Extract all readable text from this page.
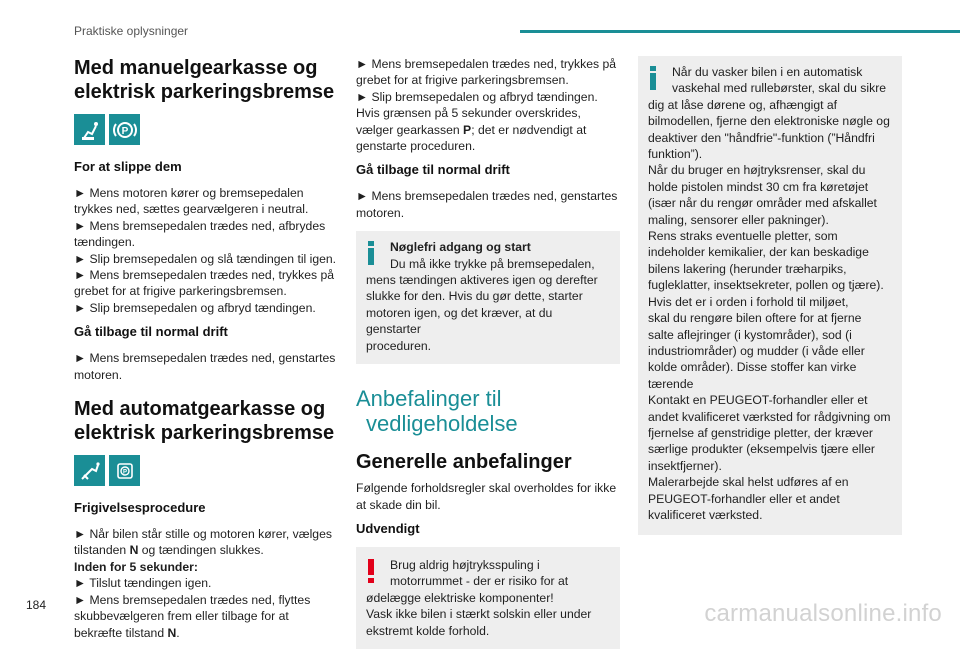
Praktiske oplysninger
Med manuelgearkasse og
elektrisk parkeringsbremse
P
For at slippe dem

► Mens motoren kører og bremsepedalen

trykkes ned, sættes gearvælgeren i neutral.

► Mens bremsepedalen trædes ned, afbrydes

tændingen.

► Slip bremsepedalen og slå tændingen til igen.

► Mens bremsepedalen trædes ned, trykkes på

grebet for at frigive parkeringsbremsen.

► Slip bremsepedalen og afbryd tændingen.

Gå tilbage til normal drift

► Mens bremsepedalen trædes ned, genstartes

motoren.

Med automatgearkasse og
elektrisk parkeringsbremse
P
Frigivelsesprocedure

► Når bilen står stille og motoren kører, vælges

tilstanden N og tændingen slukkes.

Inden for 5 sekunder:

► Tilslut tændingen igen.

► Mens bremsepedalen trædes ned, flyttes

skubbevælgeren frem eller tilbage for at

bekræfte tilstand N.

► Mens bremsepedalen trædes ned, trykkes på

grebet for at frigive parkeringsbremsen.

► Slip bremsepedalen og afbryd tændingen.

Hvis grænsen på 5 sekunder overskrides,

vælger gearkassen P; det er nødvendigt at

genstarte proceduren.

Gå tilbage til normal drift

► Mens bremsepedalen trædes ned, genstartes

motoren.

Nøglefri adgang og start

Du må ikke trykke på bremsepedalen,

mens tændingen aktiveres igen og derefter

slukke for den. Hvis du gør dette, starter

motoren igen, og det kræver, at du genstarter

proceduren.

Anbefalinger til
vedligeholdelse
Generelle anbefalinger

Følgende forholdsregler skal overholdes for ikke

at skade din bil.

Udvendigt

Brug aldrig højtryksspuling i

motorrummet - der er risiko for at

ødelægge elektriske komponenter!

Vask ikke bilen i stærkt solskin eller under

ekstremt kolde forhold.

Når du vasker bilen i en automatisk

vaskehal med rullebørster, skal du sikre

dig at låse dørene og, afhængigt af

bilmodellen, fjerne den elektroniske nøgle og

deaktiver den "håndfrie"-funktion (”Håndfri

funktion”).

Når du bruger en højtryksrenser, skal du

holde pistolen mindst 30 cm fra køretøjet

(især når du rengør områder med afskallet

maling, sensorer eller pakninger).

Rens straks eventuelle pletter, som

indeholder kemikalier, der kan beskadige

bilens lakering (herunder træharpiks,

fugleklatter, insektsekreter, pollen og tjære).

Hvis det er i orden i forhold til miljøet,

skal du rengøre bilen oftere for at fjerne

salte aflejringer (i kystområder), sod (i

industriområder) og mudder (i våde eller

kolde områder). Disse stoffer kan virke

tærende

Kontakt en PEUGEOT-forhandler eller et

andet kvalificeret værksted for rådgivning om

fjernelse af genstridige pletter, der kræver

særlige produkter (eksempelvis tjære eller

insektfjerner).

Malerarbejde skal helst udføres af en

PEUGEOT-forhandler eller et andet

kvalificeret værksted.

184	carmanualsonline.info
